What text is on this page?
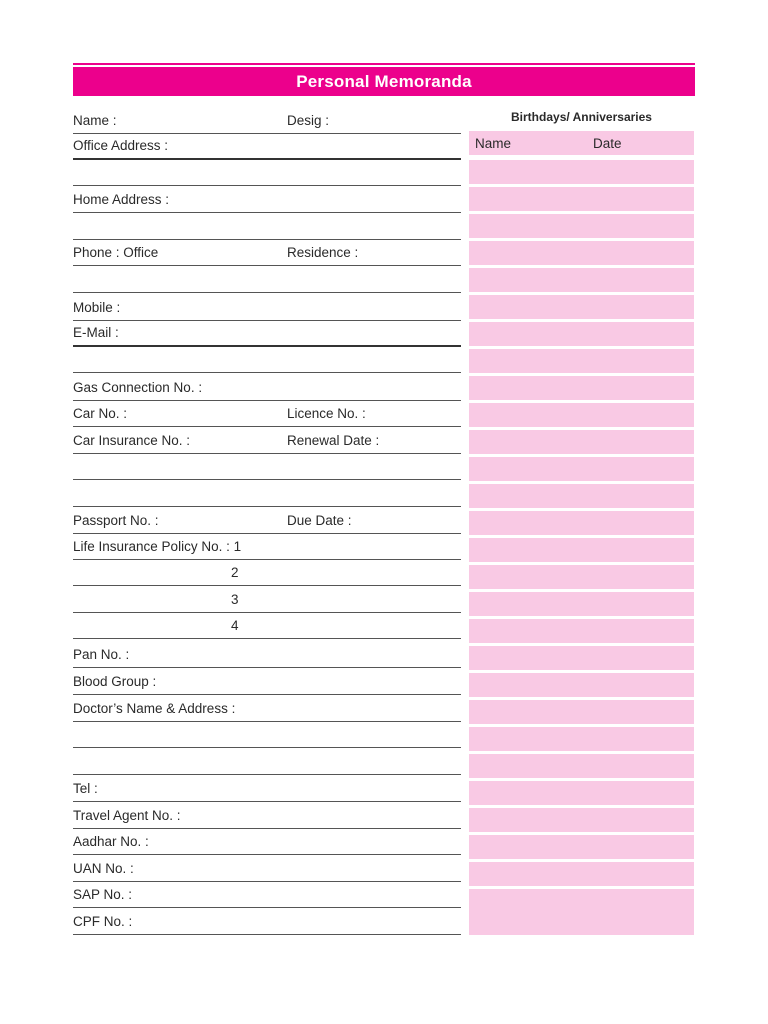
Personal Memoranda
Name :	Desig :
Office Address :
Home Address :
Phone : Office	Residence :
Mobile :
E-Mail :
Gas Connection No. :
Car No. :	Licence No. :
Car Insurance No. :	Renewal Date :
Passport No. :	Due Date :
Life Insurance Policy No. : 1
2
3
4
Pan No. :
Blood Group :
Doctor’s Name & Address :
Tel :
Travel Agent No. :
Aadhar No. :
UAN No. :
SAP No. :
CPF No. :
Birthdays/ Anniversaries
Name	Date
